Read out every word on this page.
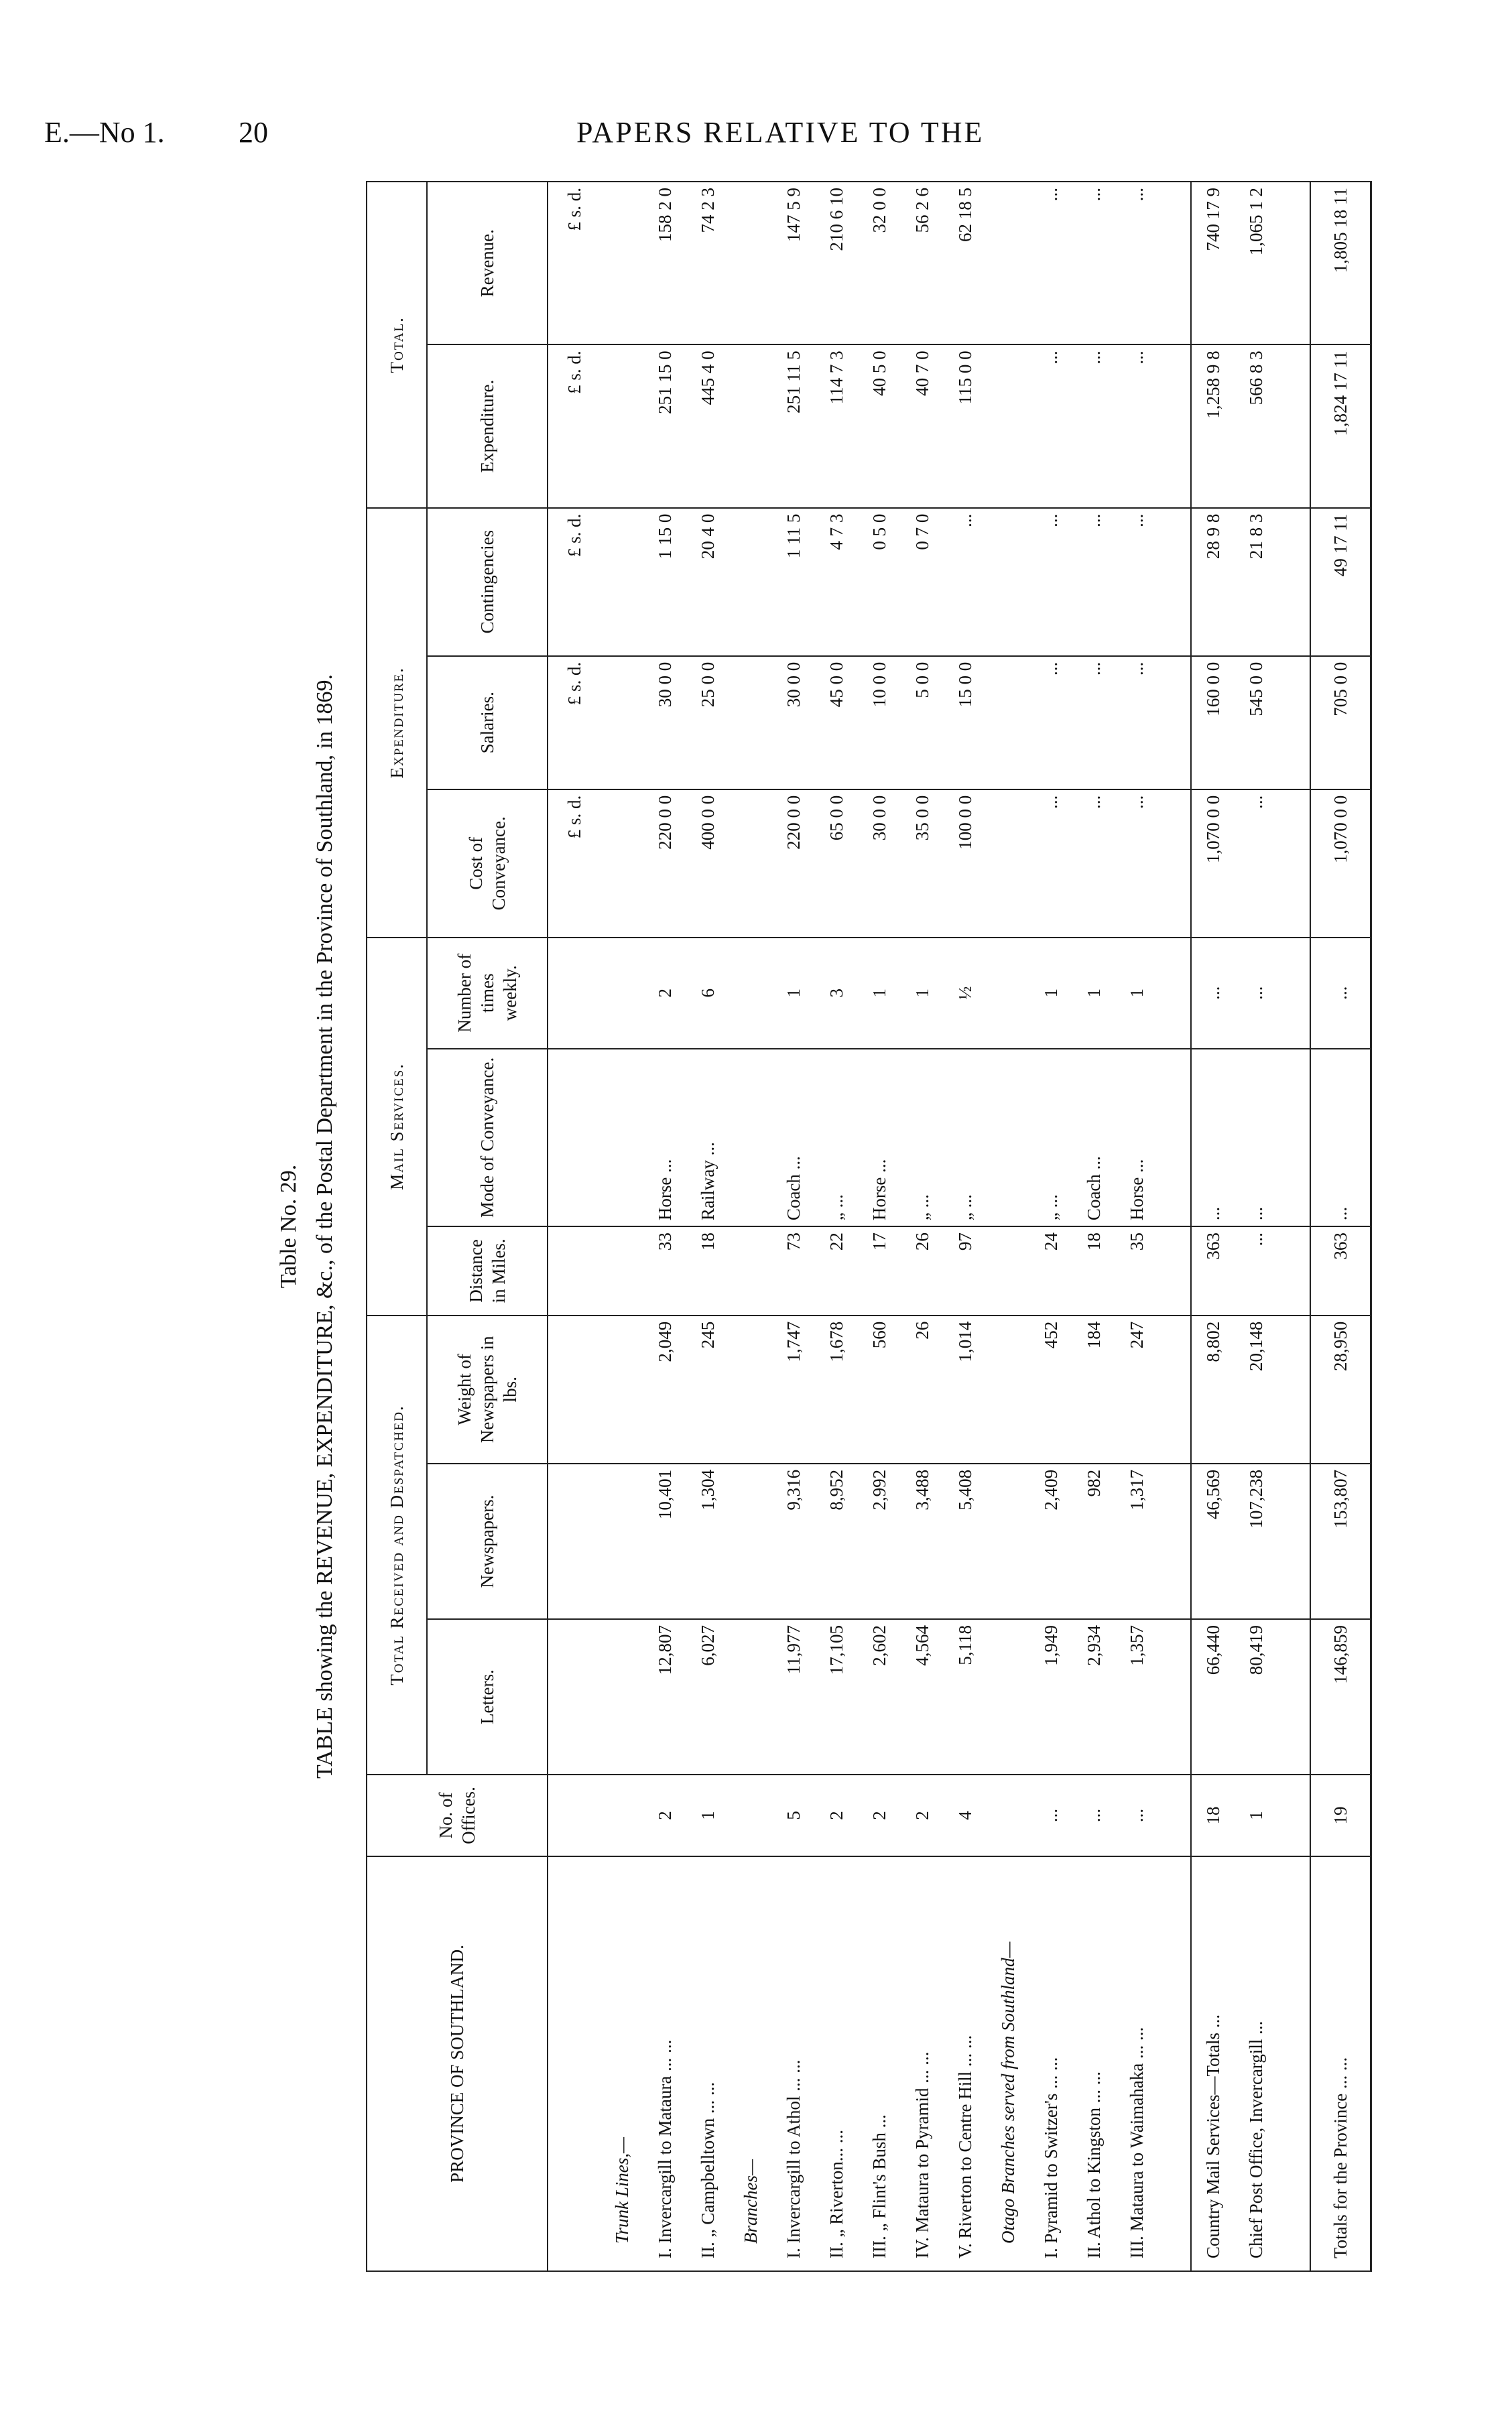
E.—No 1.	20	PAPERS RELATIVE TO THE
Table No. 29. TABLE showing the REVENUE, EXPENDITURE, &c., of the Postal Department in the Province of Southland, in 1869.
PROVINCE OF SOUTHLAND.	No. of Offices.	Total Received and Despatched.			Mail Services.			Expenditure.			Total.	
		Letters.	Newspapers.	Weight of Newspapers in lbs.	Distance in Miles.	Mode of Conveyance.	Number of times weekly.	Cost of Conveyance.	Salaries.	Contingencies	Expenditure.	Revenue.
								£ s. d.	£ s. d.	£ s. d.	£ s. d.	£ s. d.
Trunk Lines,—												
I. Invercargill to Mataura ... ...	2	12,807	10,401	2,049	33	Horse ...	2	220 0 0	30 0 0	1 15 0	251 15 0	158 2 0
II. „ Campbelltown ... ...	1	6,027	1,304	245	18	Railway ...	6	400 0 0	25 0 0	20 4 0	445 4 0	74 2 3
Branches—												
I. Invercargill to Athol ... ...	5	11,977	9,316	1,747	73	Coach ...	1	220 0 0	30 0 0	1 11 5	251 11 5	147 5 9
II. „ Riverton... ...	2	17,105	8,952	1,678	22	„ ...	3	65 0 0	45 0 0	4 7 3	114 7 3	210 6 10
III. „ Flint's Bush ...	2	2,602	2,992	560	17	Horse ...	1	30 0 0	10 0 0	0 5 0	40 5 0	32 0 0
IV. Mataura to Pyramid ... ...	2	4,564	3,488	26	26	„ ...	1	35 0 0	5 0 0	0 7 0	40 7 0	56 2 6
V. Riverton to Centre Hill ... ...	4	5,118	5,408	1,014	97	„ ...	½	100 0 0	15 0 0	...	115 0 0	62 18 5
Otago Branches served from Southland—												
I. Pyramid to Switzer's ... ...	...	1,949	2,409	452	24	„ ...	1	...	...	...	...	...
II. Athol to Kingston ... ...	...	2,934	982	184	18	Coach ...	1	...	...	...	...	...
III. Mataura to Waimahaka ... ...	...	1,357	1,317	247	35	Horse ...	1	...	...	...	...	...

Country Mail Services—Totals ...	18	66,440	46,569	8,802	363	...	...	1,070 0 0	160 0 0	28 9 8	1,258 9 8	740 17 9
Chief Post Office, Invercargill ...	1	80,419	107,238	20,148	...	...	...	...	545 0 0	21 8 3	566 8 3	1,065 1 2

Totals for the Province ... ...	19	146,859	153,807	28,950	363	...	...	1,070 0 0	705 0 0	49 17 11	1,824 17 11	1,805 18 11
